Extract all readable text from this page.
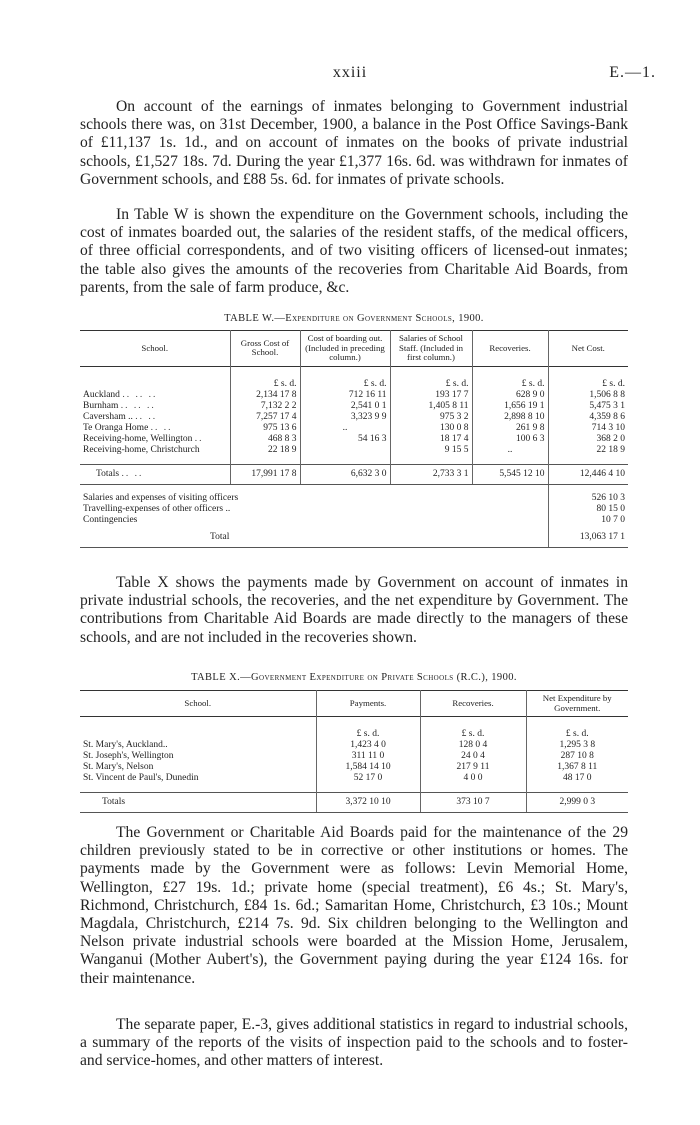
xxiii	E.—1.

On account of the earnings of inmates belonging to Government industrial schools there was, on 31st December, 1900, a balance in the Post Office Savings-Bank of £11,137 1s. 1d., and on account of inmates on the books of private industrial schools, £1,527 18s. 7d. During the year £1,377 16s. 6d. was withdrawn for inmates of Government schools, and £88 5s. 6d. for inmates of private schools.

In Table W is shown the expenditure on the Government schools, including the cost of inmates boarded out, the salaries of the resident staffs, of the medical officers, of three official correspondents, and of two visiting officers of licensed-out inmates; the table also gives the amounts of the recoveries from Charitable Aid Boards, from parents, from the sale of farm produce, &c.

TABLE W.—Expenditure on Government Schools, 1900.
School.	Gross Cost of School.	Cost of boarding out. (Included in preceding column.)	Salaries of School Staff. (Included in first column.)	Recoveries.	Net Cost.

	£ s. d.	£ s. d.	£ s. d.	£ s. d.	£ s. d.
Auckland .. .. ..	2,134 17 8	712 16 11	193 17 7	628 9 0	1,506 8 8
Burnham .. .. ..	7,132 2 2	2,541 0 1	1,405 8 11	1,656 19 1	5,475 3 1
Caversham .. .. ..	7,257 17 4	3,323 9 9	975 3 2	2,898 8 10	4,359 8 6
Te Oranga Home .. ..	975 13 6	..	130 0 8	261 9 8	714 3 10
Receiving-home, Wellington ..	468 8 3	54 16 3	18 17 4	100 6 3	368 2 0
Receiving-home, Christchurch	22 18 9		9 15 5	..	22 18 9

Totals .. ..	17,991 17 8	6,632 3 0	2,733 3 1	5,545 12 10	12,446 4 10

Salaries and expenses of visiting officers					526 10 3
Travelling-expenses of other officers ..					80 15 0
Contingencies					10 7 0
Total					13,063 17 1

Table X shows the payments made by Government on account of inmates in private industrial schools, the recoveries, and the net expenditure by Government. The contributions from Charitable Aid Boards are made directly to the managers of these schools, and are not included in the recoveries shown.

TABLE X.—Government Expenditure on Private Schools (R.C.), 1900.
School.	Payments.	Recoveries.	Net Expenditure by Government.

	£ s. d.	£ s. d.	£ s. d.
St. Mary's, Auckland..	1,423 4 0	128 0 4	1,295 3 8
St. Joseph's, Wellington	311 11 0	24 0 4	287 10 8
St. Mary's, Nelson	1,584 14 10	217 9 11	1,367 8 11
St. Vincent de Paul's, Dunedin	52 17 0	4 0 0	48 17 0

Totals	3,372 10 10	373 10 7	2,999 0 3

The Government or Charitable Aid Boards paid for the maintenance of the 29 children previously stated to be in corrective or other institutions or homes. The payments made by the Government were as follows: Levin Memorial Home, Wellington, £27 19s. 1d.; private home (special treatment), £6 4s.; St. Mary's, Richmond, Christchurch, £84 1s. 6d.; Samaritan Home, Christchurch, £3 10s.; Mount Magdala, Christchurch, £214 7s. 9d. Six children belonging to the Wellington and Nelson private industrial schools were boarded at the Mission Home, Jerusalem, Wanganui (Mother Aubert's), the Government paying during the year £124 16s. for their maintenance.

The separate paper, E.-3, gives additional statistics in regard to industrial schools, a summary of the reports of the visits of inspection paid to the schools and to foster- and service-homes, and other matters of interest.
